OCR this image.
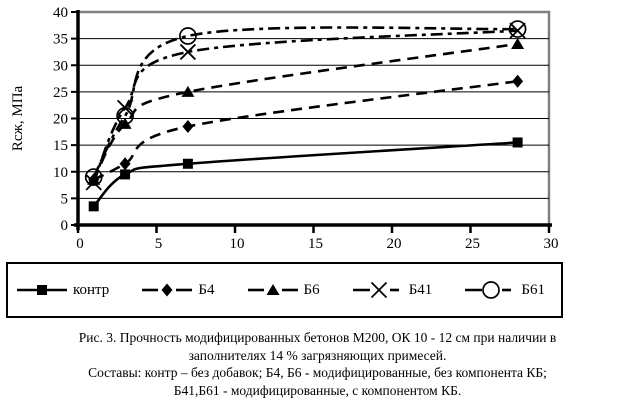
0
5
10
15
20
25
30
35
40
0	5	10	15	20	25	30
Rсж, МПа
контр	Б4	Б6	Б41	Б61
Рис. 3. Прочность модифицированных бетонов М200, ОК 10 - 12 см при наличии в
заполнителях 14 % загрязняющих примесей.
Составы: контр – без добавок; Б4, Б6 - модифицированные, без компонента КБ;
Б41,Б61 - модифицированные, с компонентом КБ.
